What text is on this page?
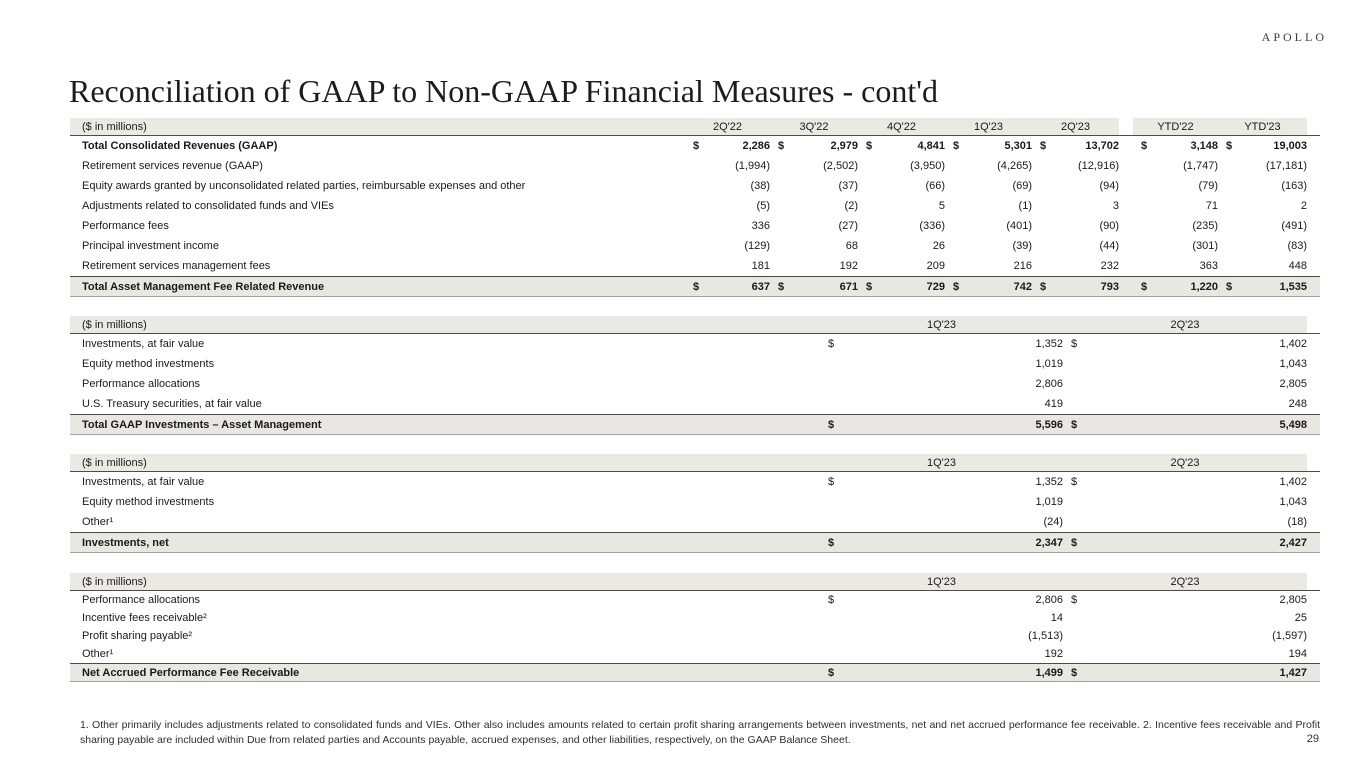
APOLLO
Reconciliation of GAAP to Non-GAAP Financial Measures - cont'd
($ in millions)	2Q'22	3Q'22	4Q'22	1Q'23	2Q'23	YTD'22	YTD'23
Total Consolidated Revenues (GAAP)	$	2,286 $	2,979 $	4,841 $	5,301 $	13,702 $	3,148 $	19,003
Retirement services revenue (GAAP)	(1,994)	(2,502)	(3,950)	(4,265)	(12,916)	(1,747)	(17,181)
Equity awards granted by unconsolidated related parties, reimbursable expenses and other	(38)	(37)	(66)	(69)	(94)	(79)	(163)
Adjustments related to consolidated funds and VIEs	(5)	(2)	5	(1)	3	71	2
Performance fees	336	(27)	(336)	(401)	(90)	(235)	(491)
Principal investment income	(129)	68	26	(39)	(44)	(301)	(83)
Retirement services management fees	181	192	209	216	232	363	448
Total Asset Management Fee Related Revenue	$	637 $	671 $	729 $	742 $	793 $	1,220 $	1,535
($ in millions)	1Q'23	2Q'23
Investments, at fair value	$	1,352 $	1,402
Equity method investments	1,019	1,043
Performance allocations	2,806	2,805
U.S. Treasury securities, at fair value	419	248
Total GAAP Investments – Asset Management	$	5,596 $	5,498
($ in millions)	1Q'23	2Q'23
Investments, at fair value	$	1,352 $	1,402
Equity method investments	1,019	1,043
Other¹	(24)	(18)
Investments, net	$	2,347 $	2,427
($ in millions)	1Q'23	2Q'23
Performance allocations	$	2,806 $	2,805
Incentive fees receivable²	14	25
Profit sharing payable²	(1,513)	(1,597)
Other¹	192	194
Net Accrued Performance Fee Receivable	$	1,499 $	1,427

1. Other primarily includes adjustments related to consolidated funds and VIEs. Other also includes amounts related to certain profit sharing arrangements between investments, net and net accrued performance fee receivable. 2. Incentive fees receivable and Profit sharing payable are included within Due from related parties and Accounts payable, accrued expenses, and other liabilities, respectively, on the GAAP Balance Sheet.	29
